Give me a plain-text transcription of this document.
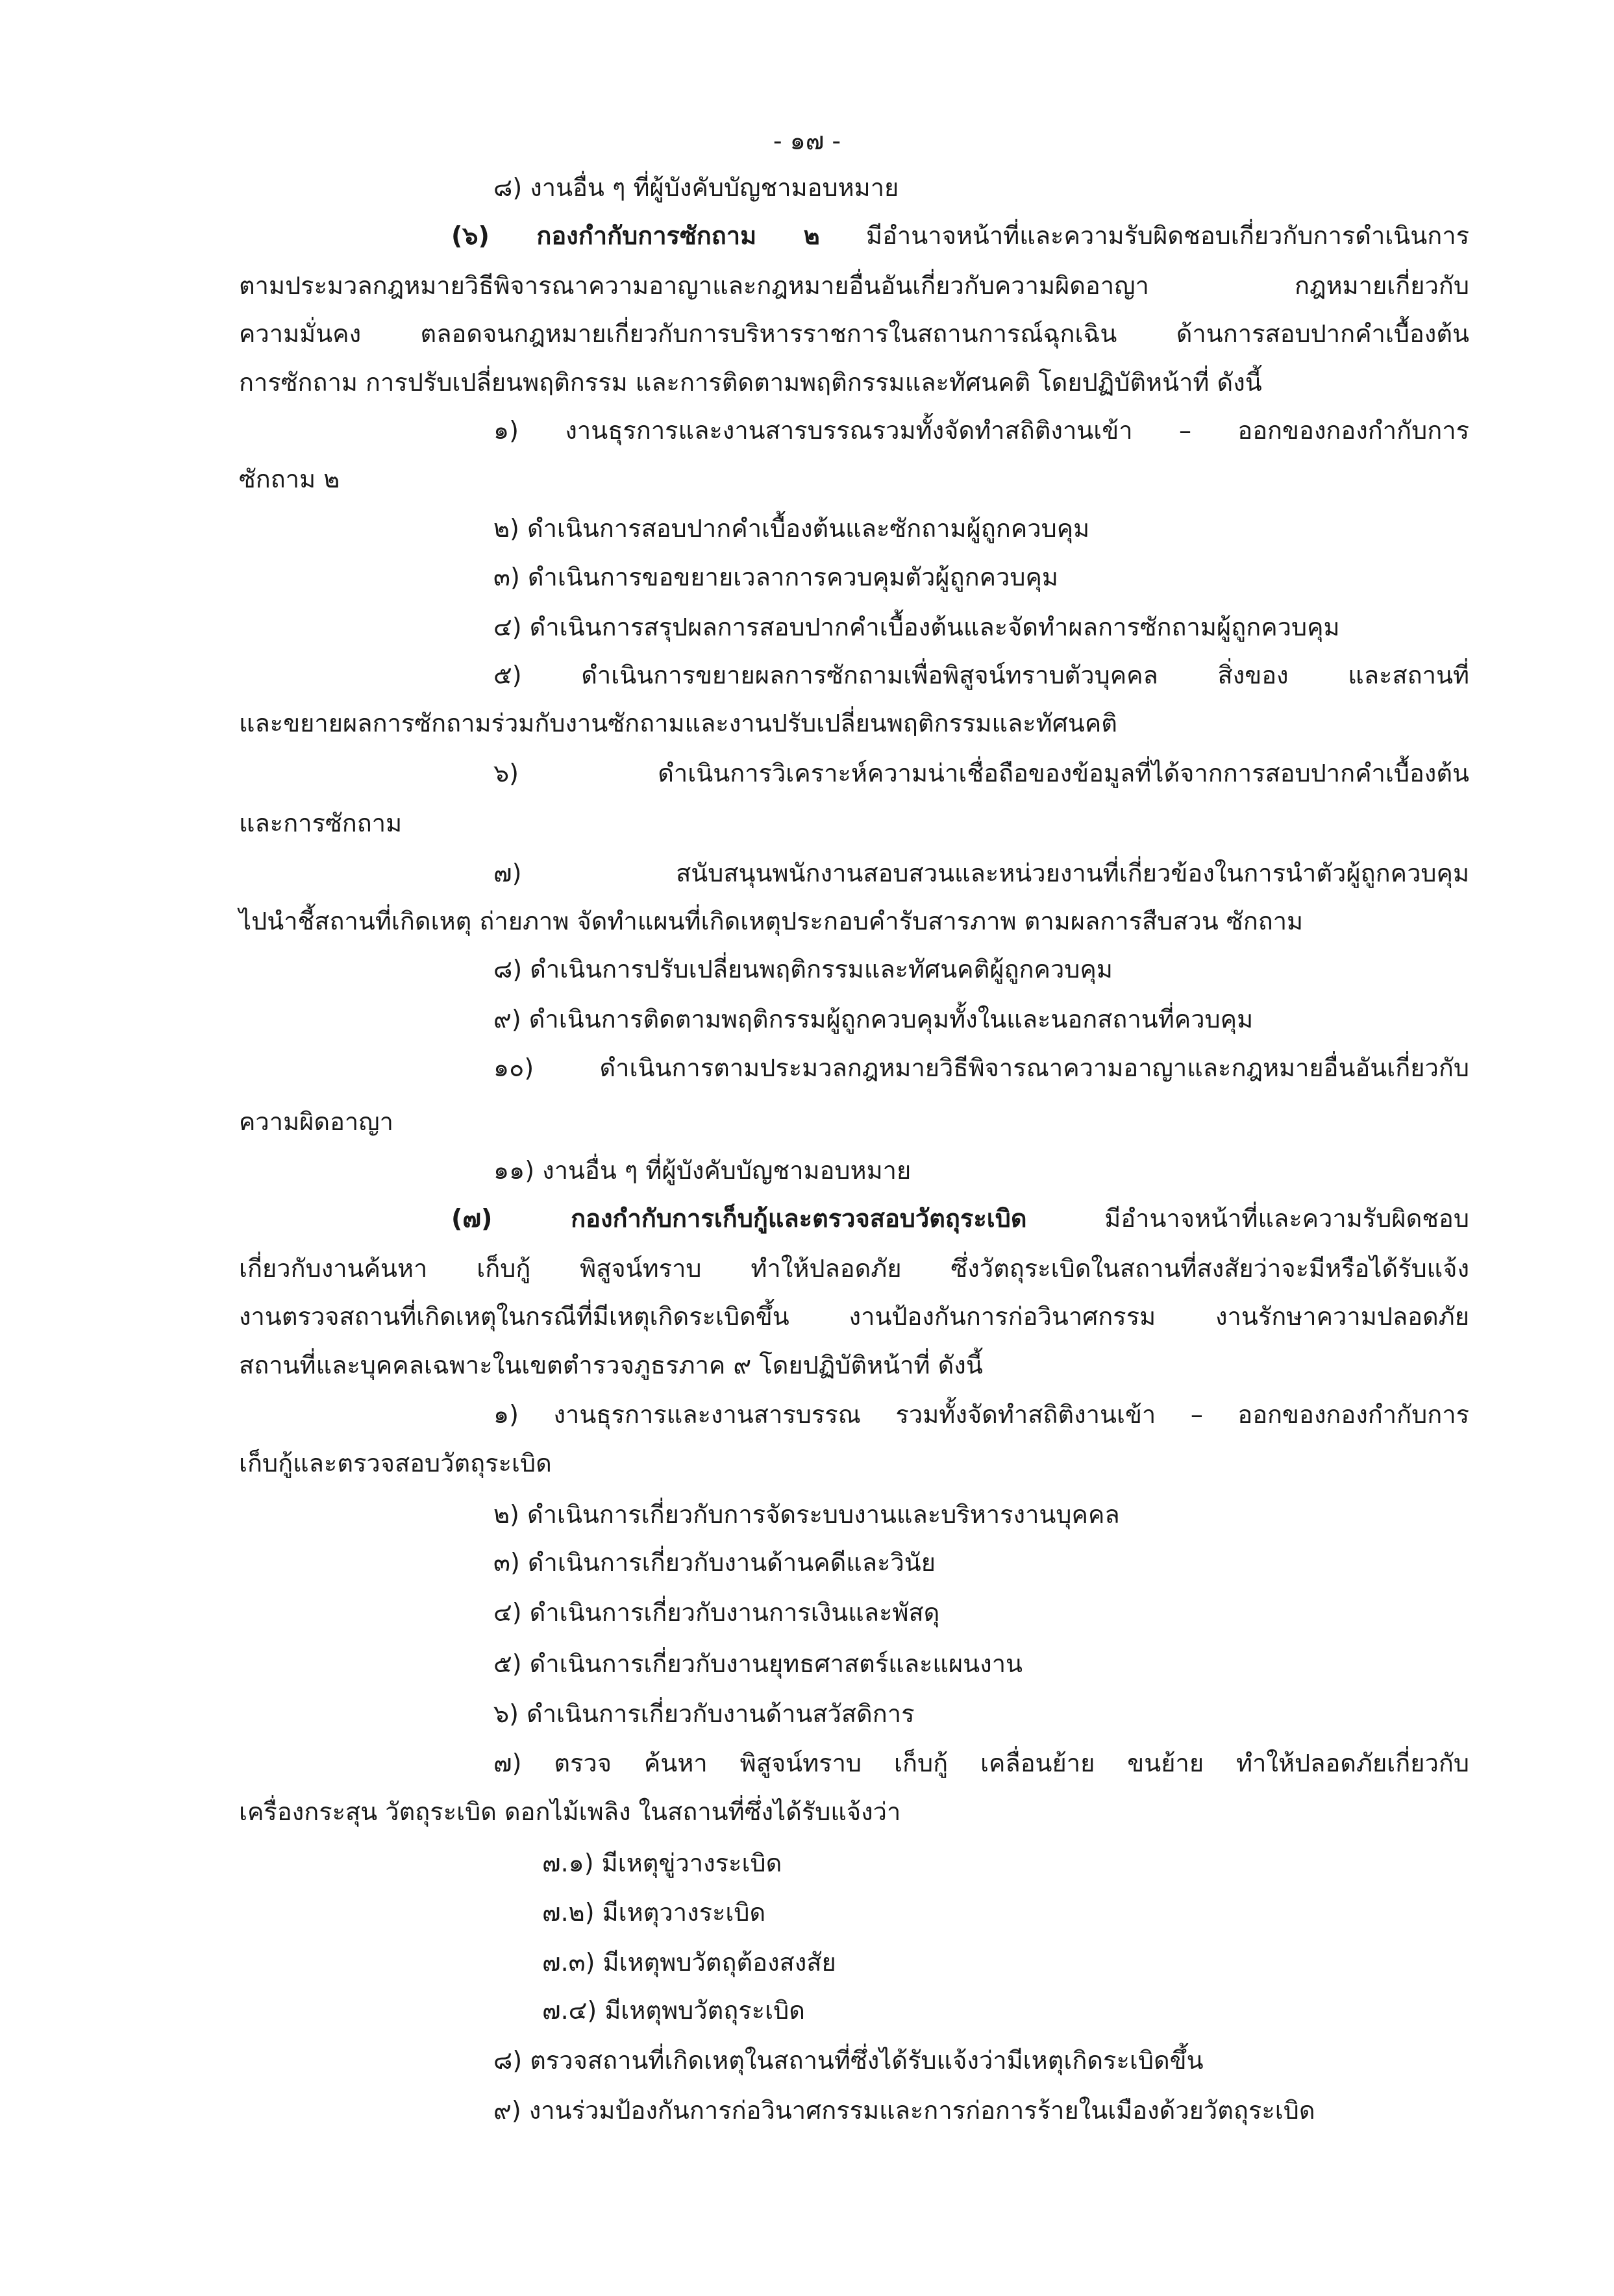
- ๑๗ -
๘) งานอื่น ๆ ที่ผู้บังคับบัญชามอบหมาย
(๖) กองกำกับการซักถาม ๒ มีอำนาจหน้าที่และความรับผิดชอบเกี่ยวกับการดำเนินการ
ตามประมวลกฎหมายวิธีพิจารณาความอาญาและกฎหมายอื่นอันเกี่ยวกับความผิดอาญา กฎหมายเกี่ยวกับ
ความมั่นคง ตลอดจนกฎหมายเกี่ยวกับการบริหารราชการในสถานการณ์ฉุกเฉิน ด้านการสอบปากคำเบื้องต้น
การซักถาม การปรับเปลี่ยนพฤติกรรม และการติดตามพฤติกรรมและทัศนคติ โดยปฏิบัติหน้าที่ ดังนี้
๑) งานธุรการและงานสารบรรณรวมทั้งจัดทำสถิติงานเข้า – ออกของกองกำกับการ
ซักถาม ๒
๒) ดำเนินการสอบปากคำเบื้องต้นและซักถามผู้ถูกควบคุม
๓) ดำเนินการขอขยายเวลาการควบคุมตัวผู้ถูกควบคุม
๔) ดำเนินการสรุปผลการสอบปากคำเบื้องต้นและจัดทำผลการซักถามผู้ถูกควบคุม
๕) ดำเนินการขยายผลการซักถามเพื่อพิสูจน์ทราบตัวบุคคล สิ่งของ และสถานที่
และขยายผลการซักถามร่วมกับงานซักถามและงานปรับเปลี่ยนพฤติกรรมและทัศนคติ
๖) ดำเนินการวิเคราะห์ความน่าเชื่อถือของข้อมูลที่ได้จากการสอบปากคำเบื้องต้น
และการซักถาม
๗) สนับสนุนพนักงานสอบสวนและหน่วยงานที่เกี่ยวข้องในการนำตัวผู้ถูกควบคุม
ไปนำชี้สถานที่เกิดเหตุ ถ่ายภาพ จัดทำแผนที่เกิดเหตุประกอบคำรับสารภาพ ตามผลการสืบสวน ซักถาม
๘) ดำเนินการปรับเปลี่ยนพฤติกรรมและทัศนคติผู้ถูกควบคุม
๙) ดำเนินการติดตามพฤติกรรมผู้ถูกควบคุมทั้งในและนอกสถานที่ควบคุม
๑๐) ดำเนินการตามประมวลกฎหมายวิธีพิจารณาความอาญาและกฎหมายอื่นอันเกี่ยวกับ
ความผิดอาญา
๑๑) งานอื่น ๆ ที่ผู้บังคับบัญชามอบหมาย
(๗) กองกำกับการเก็บกู้และตรวจสอบวัตถุระเบิด มีอำนาจหน้าที่และความรับผิดชอบ
เกี่ยวกับงานค้นหา เก็บกู้ พิสูจน์ทราบ ทำให้ปลอดภัย ซึ่งวัตถุระเบิดในสถานที่สงสัยว่าจะมีหรือได้รับแจ้ง
งานตรวจสถานที่เกิดเหตุในกรณีที่มีเหตุเกิดระเบิดขึ้น งานป้องกันการก่อวินาศกรรม งานรักษาความปลอดภัย
สถานที่และบุคคลเฉพาะในเขตตำรวจภูธรภาค ๙ โดยปฏิบัติหน้าที่ ดังนี้
๑) งานธุรการและงานสารบรรณ รวมทั้งจัดทำสถิติงานเข้า – ออกของกองกำกับการ
เก็บกู้และตรวจสอบวัตถุระเบิด
๒) ดำเนินการเกี่ยวกับการจัดระบบงานและบริหารงานบุคคล
๓) ดำเนินการเกี่ยวกับงานด้านคดีและวินัย
๔) ดำเนินการเกี่ยวกับงานการเงินและพัสดุ
๕) ดำเนินการเกี่ยวกับงานยุทธศาสตร์และแผนงาน
๖) ดำเนินการเกี่ยวกับงานด้านสวัสดิการ
๗) ตรวจ ค้นหา พิสูจน์ทราบ เก็บกู้ เคลื่อนย้าย ขนย้าย ทำให้ปลอดภัยเกี่ยวกับ
เครื่องกระสุน วัตถุระเบิด ดอกไม้เพลิง ในสถานที่ซึ่งได้รับแจ้งว่า
๗.๑) มีเหตุขู่วางระเบิด
๗.๒) มีเหตุวางระเบิด
๗.๓) มีเหตุพบวัตถุต้องสงสัย
๗.๔) มีเหตุพบวัตถุระเบิด
๘) ตรวจสถานที่เกิดเหตุในสถานที่ซึ่งได้รับแจ้งว่ามีเหตุเกิดระเบิดขึ้น
๙) งานร่วมป้องกันการก่อวินาศกรรมและการก่อการร้ายในเมืองด้วยวัตถุระเบิด
